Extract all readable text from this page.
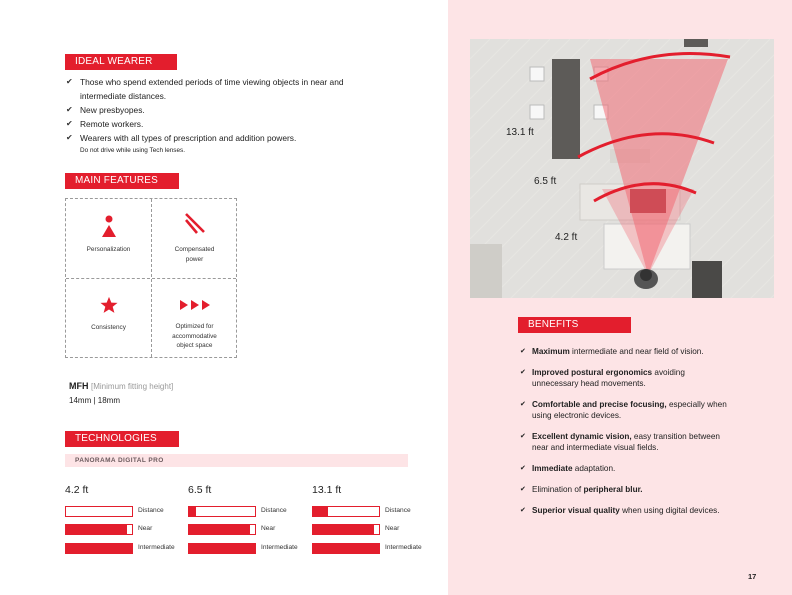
IDEAL WEARER
✔ Those who spend extended periods of time viewing objects in near and
intermediate distances.
✔ New presbyopes.
✔ Remote workers.
✔ Wearers with all types of prescription and addition powers.
Do not drive while using Tech lenses.
MAIN FEATURES
Personalization	Compensated
power
Consistency	Optimized for
accommodative
object space
MFH [Minimum fitting height]
14mm | 18mm
TECHNOLOGIES
PANORAMA DIGITAL PRO
4.2 ft
Distance
Near
Intermediate
6.5 ft
Distance
Near
Intermediate
13.1 ft
Distance
Near
Intermediate
13.1 ft
6.5 ft
4.2 ft
BENEFITS
✔ Maximum intermediate and near field of vision.
✔ Improved postural ergonomics avoiding
unnecessary head movements.
✔ Comfortable and precise focusing, especially when
using electronic devices.
✔ Excellent dynamic vision, easy transition between
near and intermediate visual fields.
✔ Immediate adaptation.
✔ Elimination of peripheral blur.
✔ Superior visual quality when using digital devices.
17
